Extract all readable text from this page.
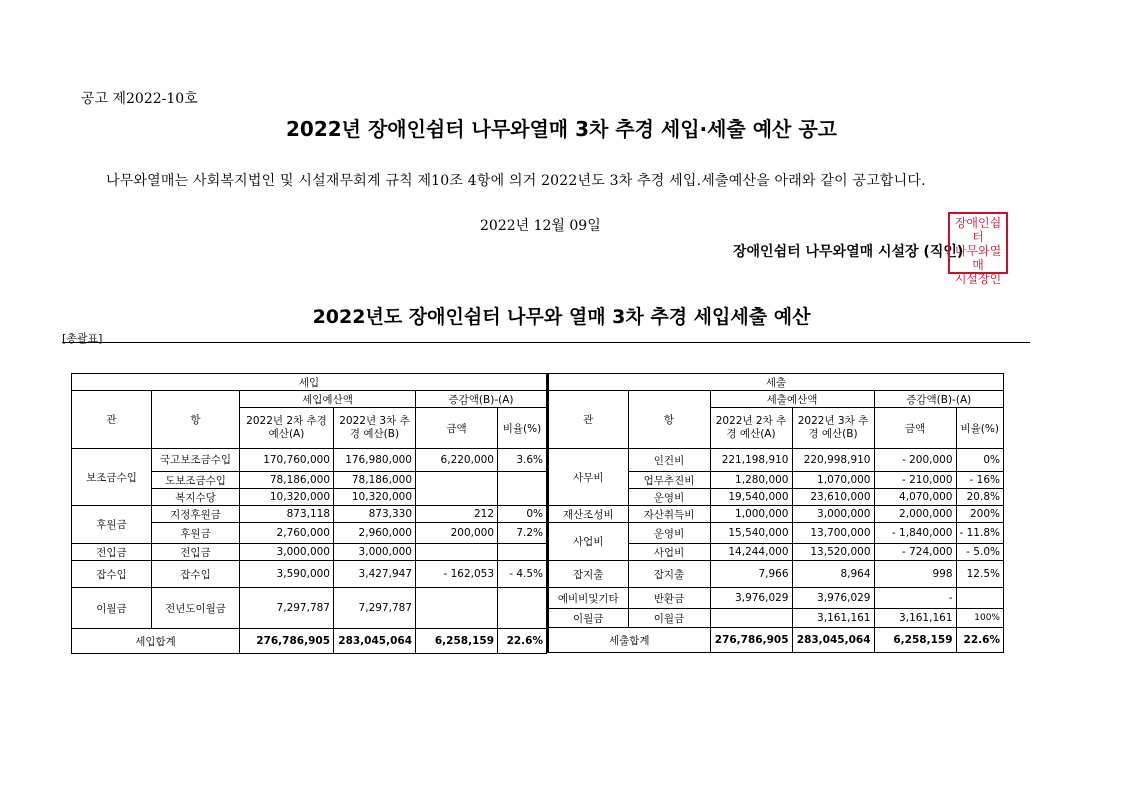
공고 제2022-10호
2022년 장애인쉼터 나무와열매 3차 추경 세입·세출 예산 공고
나무와열매는 사회복지법인 및 시설재무회계 규칙 제10조 4항에 의거 2022년도 3차 추경 세입.세출예산을 아래와 같이 공고합니다.
2022년 12월 09일
장애인쉼터 나무와열매 시설장 (직인)
장애인쉼터
나무와열매
시설장인
2022년도 장애인쉼터 나무와 열매 3차 추경 세입세출 예산
[총괄표]
세입					
관	항	세입예산액		증감액(B)-(A)	
		2022년 2차 추경 예산(A)	2022년 3차 추경 예산(B)	금액	비율(%)
보조금수입	국고보조금수입	170,760,000	176,980,000	6,220,000	3.6%
	도보조금수입	78,186,000	78,186,000		
	복지수당	10,320,000	10,320,000		
후원금	지정후원금	873,118	873,330	212	0%
	후원금	2,760,000	2,960,000	200,000	7.2%
전입금	전입금	3,000,000	3,000,000		
잡수입	잡수입	3,590,000	3,427,947	- 162,053	- 4.5%
이월금	전년도이월금	7,297,787	7,297,787		
세입합계		276,786,905	283,045,064	6,258,159	22.6%
세출					
관	항	세출예산액		증감액(B)-(A)	
		2022년 2차 추경 예산(A)	2022년 3차 추경 예산(B)	금액	비율(%)
사무비	인건비	221,198,910	220,998,910	- 200,000	0%
	업무추진비	1,280,000	1,070,000	- 210,000	- 16%
	운영비	19,540,000	23,610,000	4,070,000	20.8%
재산조성비	자산취득비	1,000,000	3,000,000	2,000,000	200%
사업비	운영비	15,540,000	13,700,000	- 1,840,000	- 11.8%
	사업비	14,244,000	13,520,000	- 724,000	- 5.0%
잡지출	잡지출	7,966	8,964	998	12.5%
예비비및기타	반환금	3,976,029	3,976,029	-	
이월금	이월금		3,161,161	3,161,161	100%
세출합계		276,786,905	283,045,064	6,258,159	22.6%
